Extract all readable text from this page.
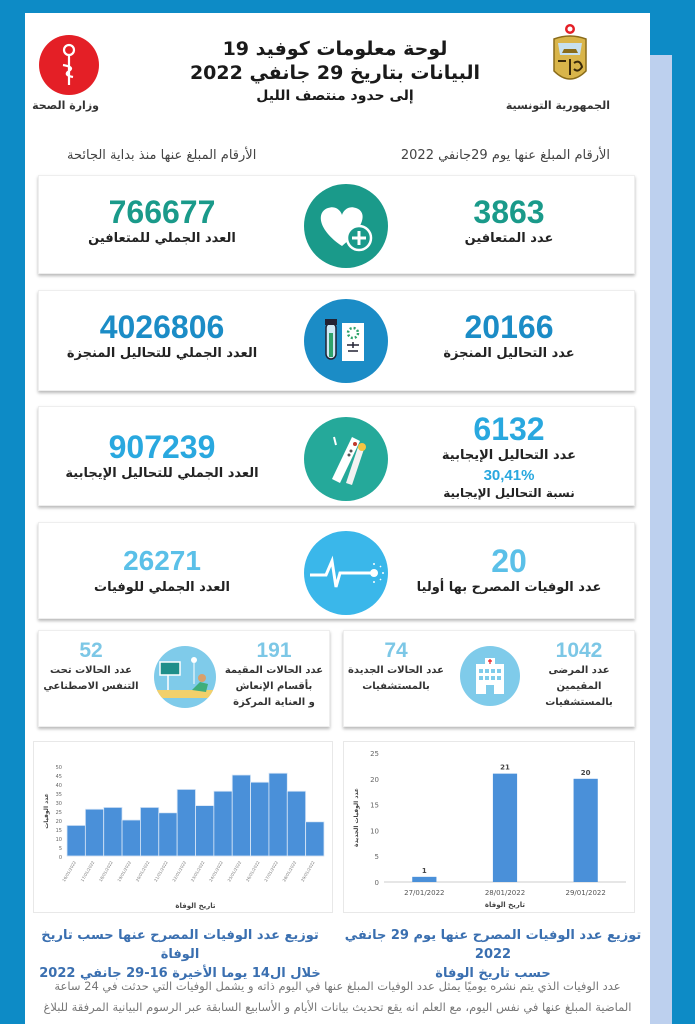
وزارة الصحة
لوحة معلومات كوفيد 19
البيانات بتاريخ 29 جانفي 2022
إلى حدود منتصف الليل
الجمهورية التونسية
الأرقام المبلغ عنها يوم 29جانفي 2022
الأرقام المبلغ عنها منذ بداية الجائحة
766677
العدد الجملي للمتعافين
3863
عدد المتعافين
4026806
العدد الجملي للتحاليل المنجزة
20166
عدد التحاليل المنجزة
907239
العدد الجملي للتحاليل الإيجابية
6132
عدد التحاليل الإيجابية
30,41%
نسبة التحاليل الإيجابية
26271
العدد الجملي للوفيات
20
عدد الوفيات المصرح بها أوليا
52
عدد الحالات تحت
التنفس الاصطناعي
191
عدد الحالات المقيمة
بأقسام الإنعاش
و العناية المركزة
74
عدد الحالات الجديدة
بالمستشفيات
1042
عدد المرضى المقيمين
بالمستشفيات
0
5
10
15
20
25
30
35
40
45
50
16/01/2022 17/01/2022 18/01/2022 19/01/2022 20/01/2022 21/01/2022 22/01/2022 23/01/2022 24/01/2022 25/01/2022 26/01/2022 27/01/2022 28/01/2022 29/01/2022
تاريخ الوفاة
عدد الوفيات
0
5
10
15
20
25
1
27/01/2022
21
28/01/2022
20
29/01/2022
تاريخ الوفاة
عدد الوفيات الجديدة
توزيع عدد الوفيات المصرح عنها حسب تاريخ الوفاة
خلال ال14 يوما الأخيرة 16-29 جانفي 2022
توزيع عدد الوفيات المصرح عنها يوم 29 جانفي 2022
حسب تاريخ الوفاة
عدد الوفيات الذي يتم نشره يوميًا يمثل عدد الوفيات المبلغ عنها في اليوم ذاته و يشمل الوفيات التي حدثت في 24 ساعة
الماضية المبلغ عنها في نفس اليوم، مع العلم انه يقع تحديث بيانات الأيام و الأسابيع السابقة عبر الرسوم البيانية المرفقة للبلاغ
